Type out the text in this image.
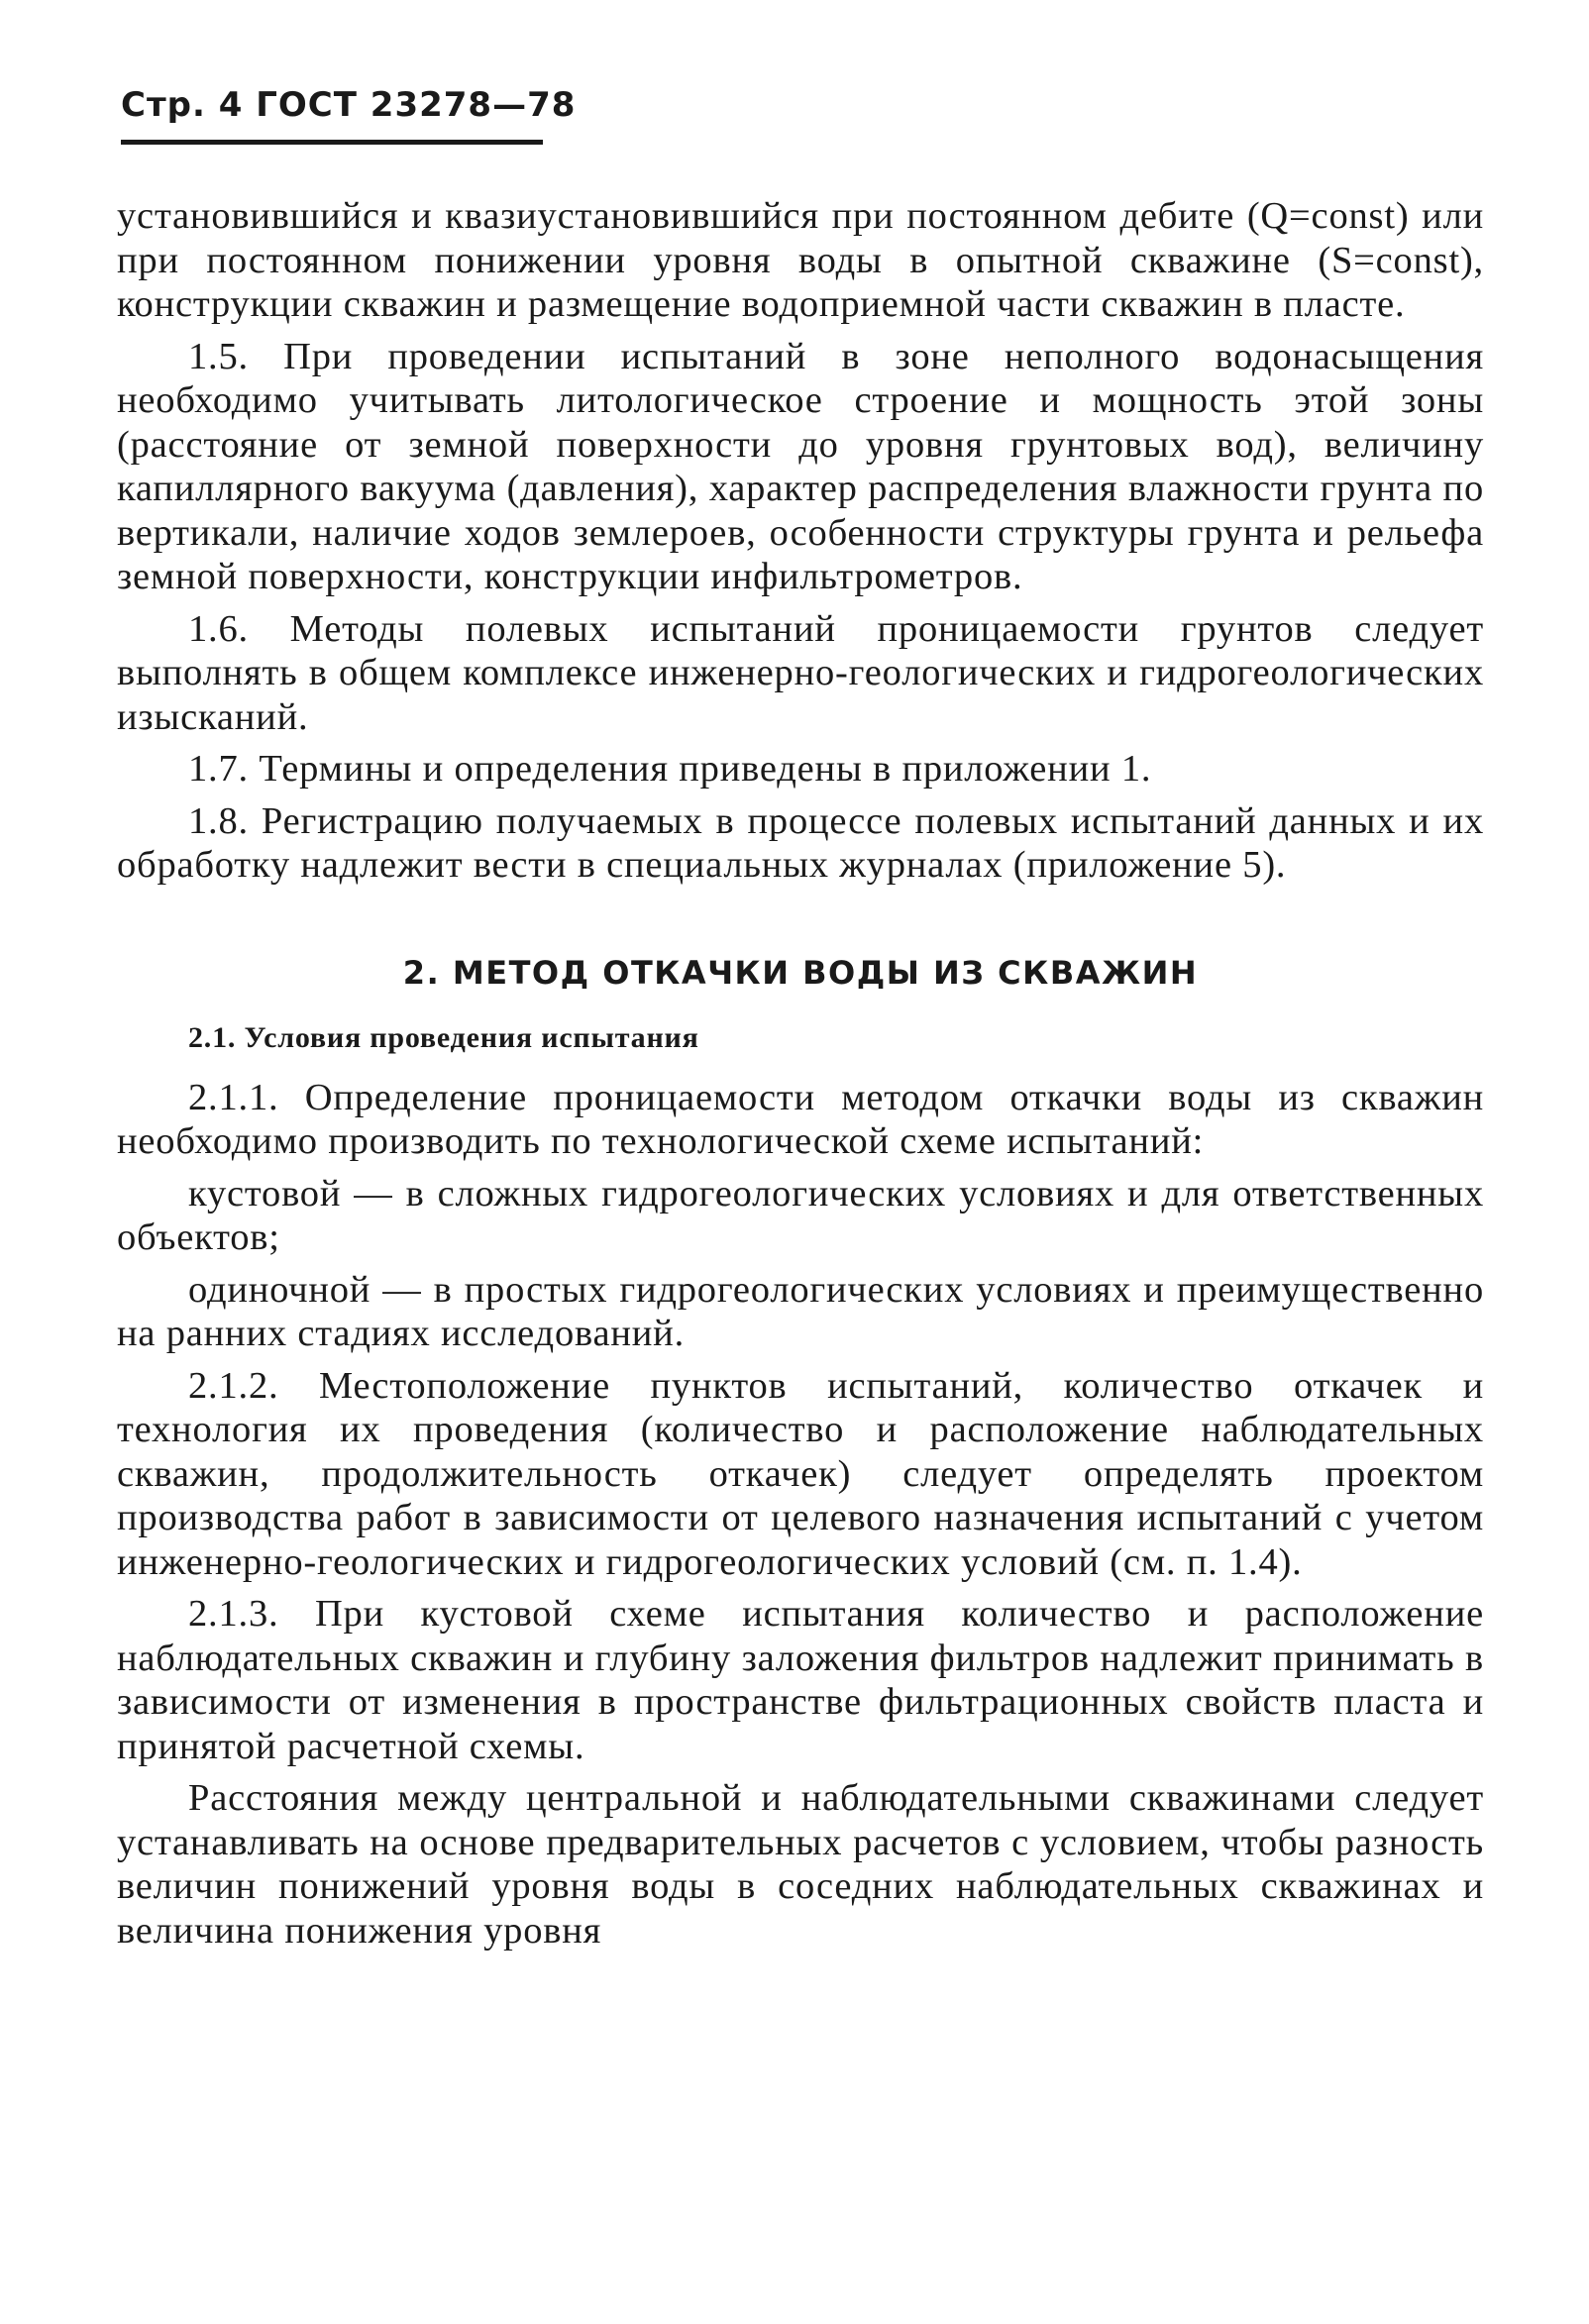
Стр. 4 ГОСТ 23278—78

установившийся и квазиустановившийся при постоянном дебите (Q=const) или при постоянном понижении уровня воды в опытной скважине (S=const), конструкции скважин и размещение водоприемной части скважин в пласте.

1.5. При проведении испытаний в зоне неполного водонасыщения необходимо учитывать литологическое строение и мощность этой зоны (расстояние от земной поверхности до уровня грунтовых вод), величину капиллярного вакуума (давления), характер распределения влажности грунта по вертикали, наличие ходов землероев, особенности структуры грунта и рельефа земной поверхности, конструкции инфильтрометров.

1.6. Методы полевых испытаний проницаемости грунтов следует выполнять в общем комплексе инженерно-геологических и гидрогеологических изысканий.

1.7. Термины и определения приведены в приложении 1.

1.8. Регистрацию получаемых в процессе полевых испытаний данных и их обработку надлежит вести в специальных журналах (приложение 5).

2. МЕТОД ОТКАЧКИ ВОДЫ ИЗ СКВАЖИН
2.1. Условия проведения испытания

2.1.1. Определение проницаемости методом откачки воды из скважин необходимо производить по технологической схеме испытаний:

кустовой — в сложных гидрогеологических условиях и для ответственных объектов;

одиночной — в простых гидрогеологических условиях и преимущественно на ранних стадиях исследований.

2.1.2. Местоположение пунктов испытаний, количество откачек и технология их проведения (количество и расположение наблюдательных скважин, продолжительность откачек) следует определять проектом производства работ в зависимости от целевого назначения испытаний с учетом инженерно-геологических и гидрогеологических условий (см. п. 1.4).

2.1.3. При кустовой схеме испытания количество и расположение наблюдательных скважин и глубину заложения фильтров надлежит принимать в зависимости от изменения в пространстве фильтрационных свойств пласта и принятой расчетной схемы.

Расстояния между центральной и наблюдательными скважинами следует устанавливать на основе предварительных расчетов с условием, чтобы разность величин понижений уровня воды в соседних наблюдательных скважинах и величина понижения уровня
